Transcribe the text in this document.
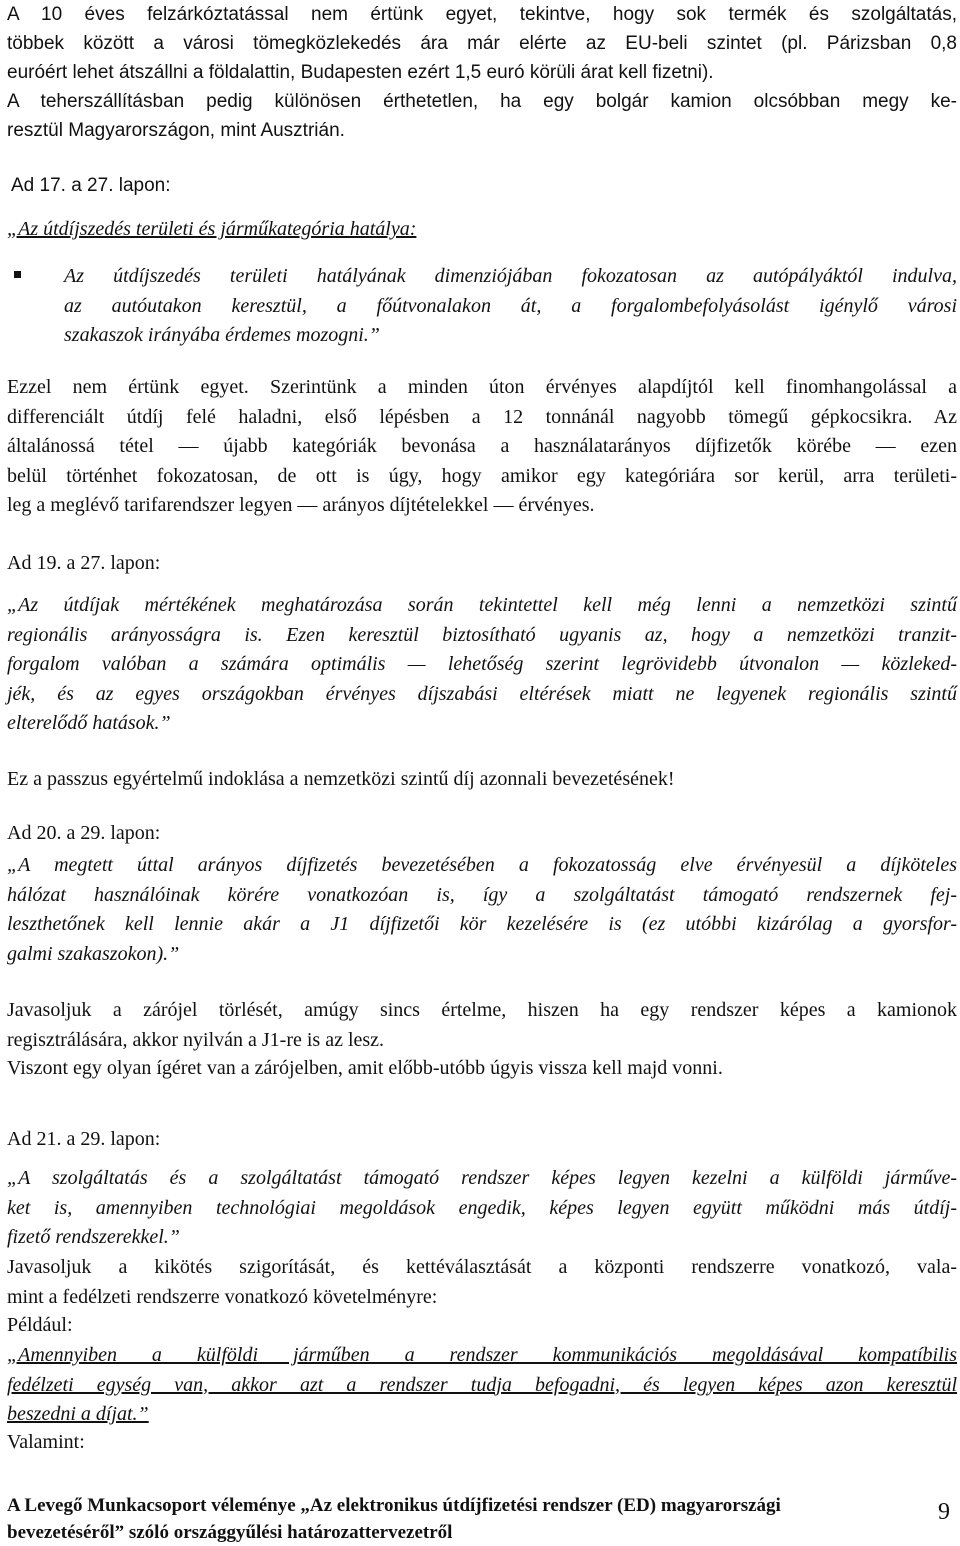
A 10 éves felzárkóztatással nem értünk egyet, tekintve, hogy sok termék és szolgáltatás,
többek között a városi tömegközlekedés ára már elérte az EU-beli szintet (pl. Párizsban 0,8
euróért lehet átszállni a földalattin, Budapesten ezért 1,5 euró körüli árat kell fizetni).
A teherszállításban pedig különösen érthetetlen, ha egy bolgár kamion olcsóbban megy ke-
resztül Magyarországon, mint Ausztrián.
Ad 17. a 27. lapon:
„Az útdíjszedés területi és járműkategória hatálya:
Az útdíjszedés területi hatályának dimenziójában fokozatosan az autópályáktól indulva,
az autóutakon keresztül, a főútvonalakon át, a forgalombefolyásolást igénylő városi
szakaszok irányába érdemes mozogni.”
Ezzel nem értünk egyet. Szerintünk a minden úton érvényes alapdíjtól kell finomhangolással a
differenciált útdíj felé haladni, első lépésben a 12 tonnánál nagyobb tömegű gépkocsikra. Az
általánossá tétel — újabb kategóriák bevonása a használatarányos díjfizetők körébe — ezen
belül történhet fokozatosan, de ott is úgy, hogy amikor egy kategóriára sor kerül, arra területi-
leg a meglévő tarifarendszer legyen — arányos díjtételekkel — érvényes.
Ad 19. a 27. lapon:
„Az útdíjak mértékének meghatározása során tekintettel kell még lenni a nemzetközi szintű
regionális arányosságra is. Ezen keresztül biztosítható ugyanis az, hogy a nemzetközi tranzit-
forgalom valóban a számára optimális — lehetőség szerint legrövidebb útvonalon — közleked-
jék, és az egyes országokban érvényes díjszabási eltérések miatt ne legyenek regionális szintű
elterelődő hatások.”
Ez a passzus egyértelmű indoklása a nemzetközi szintű díj azonnali bevezetésének!
Ad 20. a 29. lapon:
„A megtett úttal arányos díjfizetés bevezetésében a fokozatosság elve érvényesül a díjköteles
hálózat használóinak körére vonatkozóan is, így a szolgáltatást támogató rendszernek fej-
leszthetőnek kell lennie akár a J1 díjfizetői kör kezelésére is (ez utóbbi kizárólag a gyorsfor-
galmi szakaszokon).”
Javasoljuk a zárójel törlését, amúgy sincs értelme, hiszen ha egy rendszer képes a kamionok
regisztrálására, akkor nyilván a J1-re is az lesz.
Viszont egy olyan ígéret van a zárójelben, amit előbb-utóbb úgyis vissza kell majd vonni.
Ad 21. a 29. lapon:
„A szolgáltatás és a szolgáltatást támogató rendszer képes legyen kezelni a külföldi járműve-
ket is, amennyiben technológiai megoldások engedik, képes legyen együtt működni más útdíj-
fizető rendszerekkel.”
Javasoljuk a kikötés szigorítását, és kettéválasztását a központi rendszerre vonatkozó, vala-
mint a fedélzeti rendszerre vonatkozó követelményre:
Például:
„Amennyiben a külföldi járműben a rendszer kommunikációs megoldásával kompatíbilis
fedélzeti egység van, akkor azt a rendszer tudja befogadni, és legyen képes azon keresztül
beszedni a díjat.”
Valamint:
A Levegő Munkacsoport véleménye „Az elektronikus útdíjfizetési rendszer (ED) magyarországi
bevezetéséről” szóló országgyűlési határozattervezetről
9
